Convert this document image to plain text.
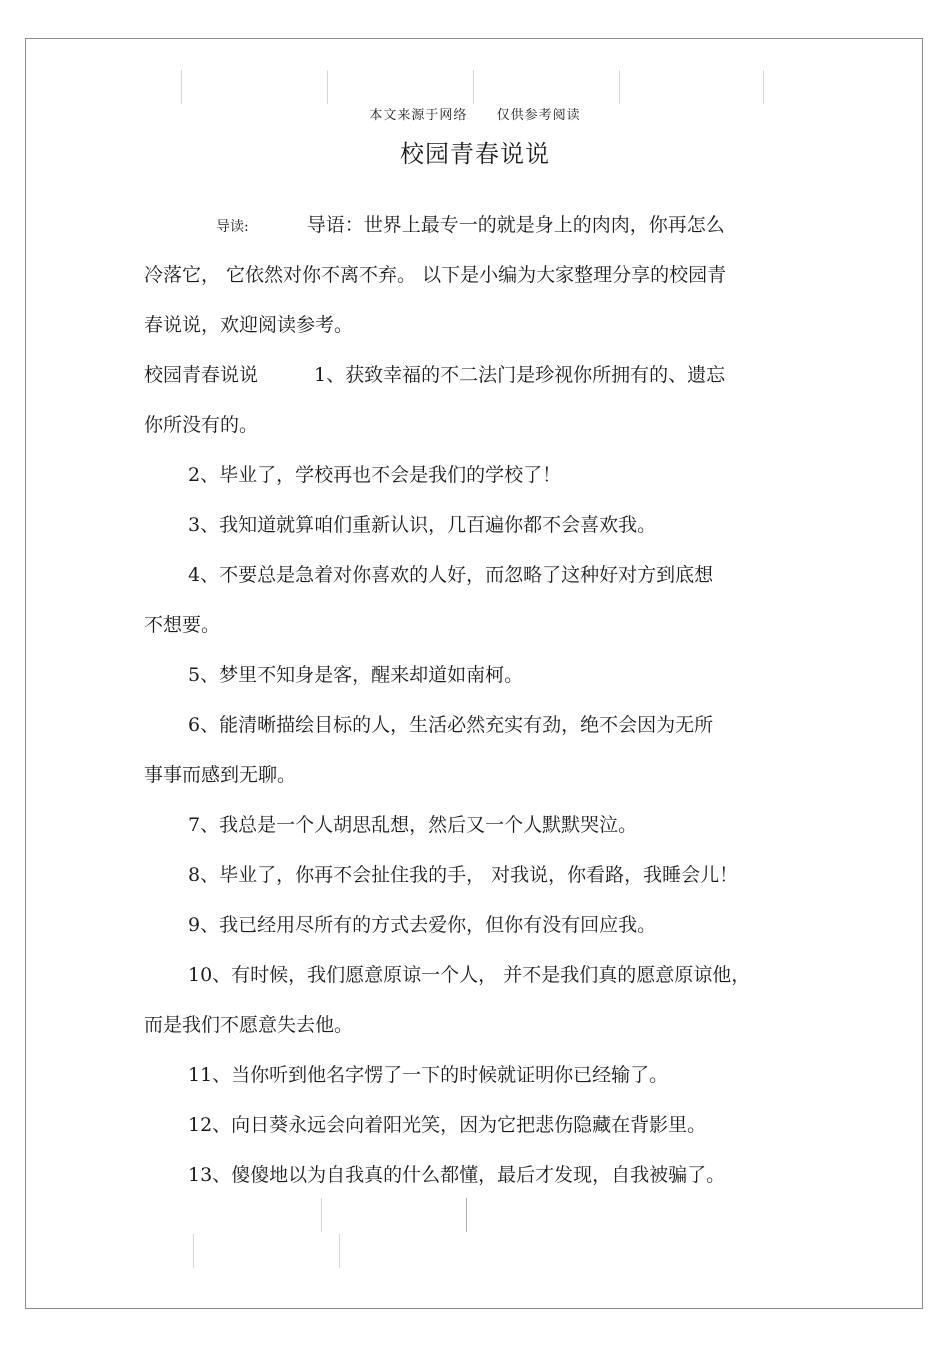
本文来源于网络 仅供参考阅读
校园青春说说
导读:	导语：世界上最专一的就是身上的肉肉，你再怎么
冷落它， 它依然对你不离不弃。 以下是小编为大家整理分享的校园青
春说说，欢迎阅读参考。
校园青春说说	1、获致幸福的不二法门是珍视你所拥有的、遗忘
你所没有的。
2、毕业了，学校再也不会是我们的学校了！
3、我知道就算咱们重新认识，几百遍你都不会喜欢我。
4、不要总是急着对你喜欢的人好，而忽略了这种好对方到底想
不想要。
5、梦里不知身是客，醒来却道如南柯。
6、能清晰描绘目标的人，生活必然充实有劲，绝不会因为无所
事事而感到无聊。
7、我总是一个人胡思乱想，然后又一个人默默哭泣。
8、毕业了，你再不会扯住我的手， 对我说，你看路，我睡会儿！
9、我已经用尽所有的方式去爱你，但你有没有回应我。
10、有时候，我们愿意原谅一个人， 并不是我们真的愿意原谅他，
而是我们不愿意失去他。
11、当你听到他名字愣了一下的时候就证明你已经输了。
12、向日葵永远会向着阳光笑，因为它把悲伤隐藏在背影里。
13、傻傻地以为自我真的什么都懂，最后才发现，自我被骗了。
